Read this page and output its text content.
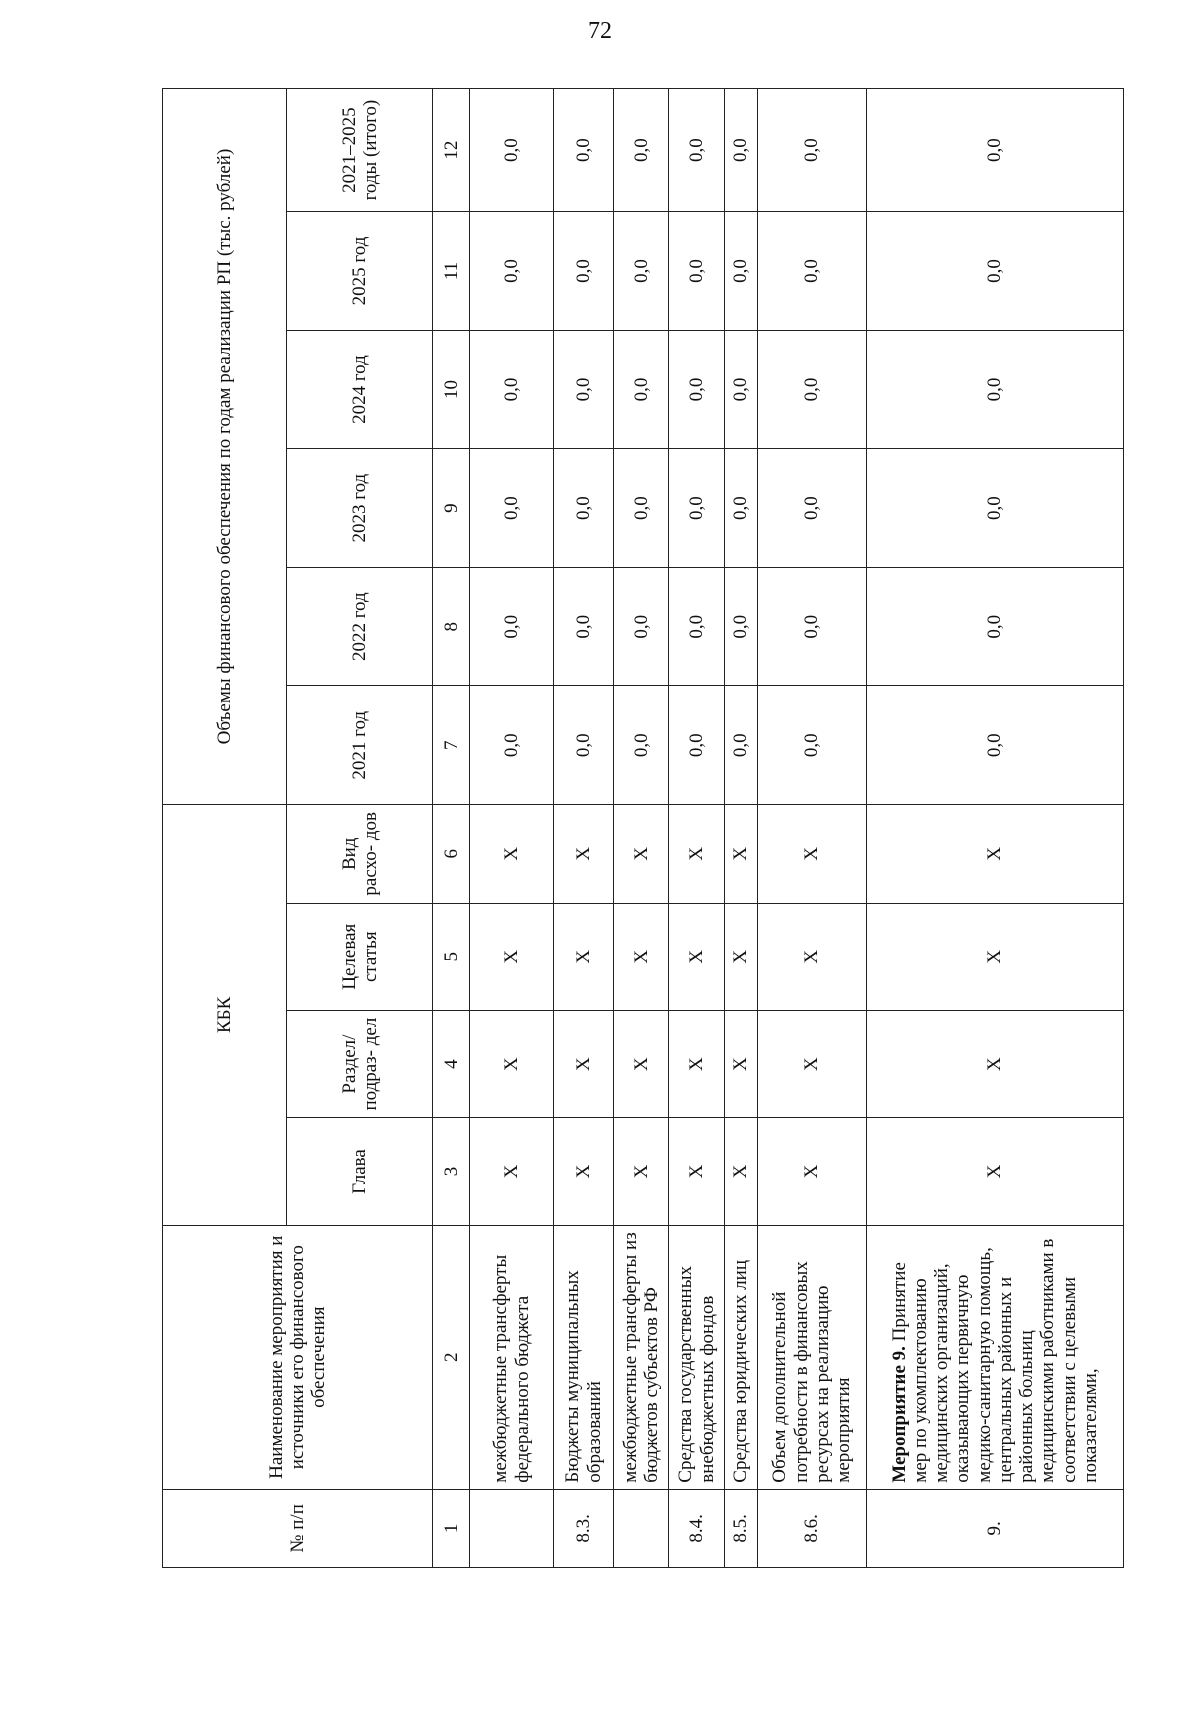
72
№ п/п	Наименование мероприятия и источники его финансового обеспечения	КБК				Объемы финансового обеспечения по годам реализации РП (тыс. рублей)					
		Глава	Раздел/ подраз- дел	Целевая статья	Вид расхо- дов	2021 год	2022 год	2023 год	2024 год	2025 год	2021–2025 годы (итого)
1	2	3	4	5	6	7	8	9	10	11	12
	межбюджетные трансферты федерального бюджета	X	X	X	X	0,0	0,0	0,0	0,0	0,0	0,0
8.3.	Бюджеты муниципальных образований	X	X	X	X	0,0	0,0	0,0	0,0	0,0	0,0
	межбюджетные трансферты из бюджетов субъектов РФ	X	X	X	X	0,0	0,0	0,0	0,0	0,0	0,0
8.4.	Средства государственных внебюджетных фондов	X	X	X	X	0,0	0,0	0,0	0,0	0,0	0,0
8.5.	Средства юридических лиц	X	X	X	X	0,0	0,0	0,0	0,0	0,0	0,0
8.6.	Объем дополнительной потребности в финансовых ресурсах на реализацию мероприятия	X	X	X	X	0,0	0,0	0,0	0,0	0,0	0,0
9.	Мероприятие 9. Принятие мер по укомплектованию медицинских организаций, оказывающих первичную медико-санитарную помощь, центральных районных и районных больниц медицинскими работниками в соответствии с целевыми показателями,	X	X	X	X	0,0	0,0	0,0	0,0	0,0	0,0
